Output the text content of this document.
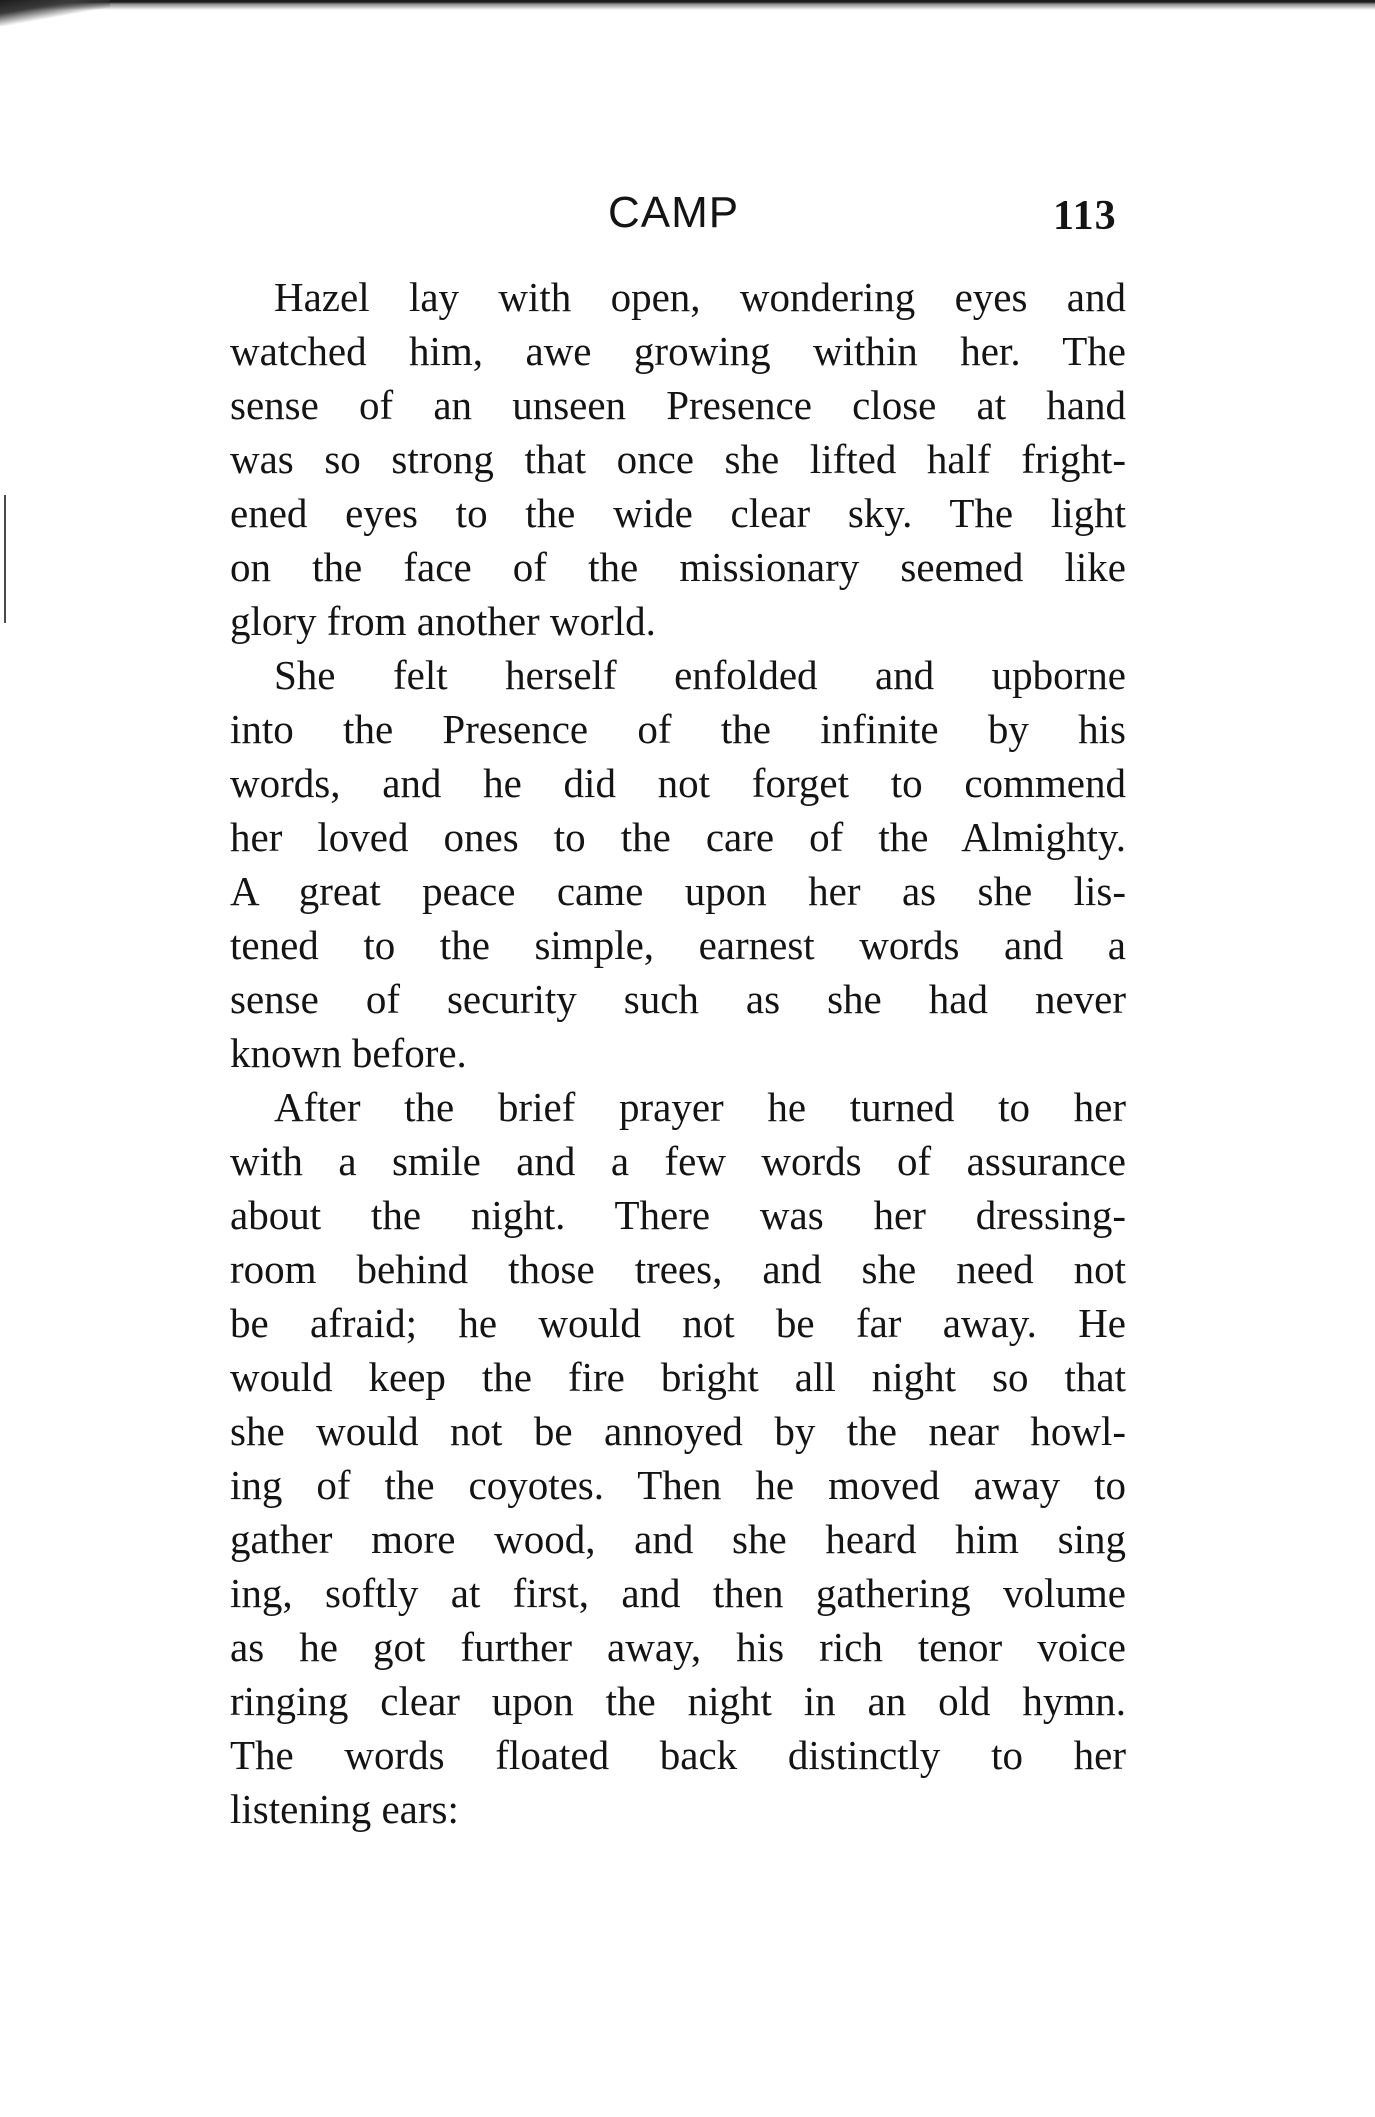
CAMP	113
Hazel lay with open, wondering eyes and
watched him, awe growing within her. The
sense of an unseen Presence close at hand
was so strong that once she lifted half fright-
ened eyes to the wide clear sky. The light
on the face of the missionary seemed like
glory from another world.
She felt herself enfolded and upborne
into the Presence of the infinite by his
words, and he did not forget to commend
her loved ones to the care of the Almighty.
A great peace came upon her as she lis-
tened to the simple, earnest words and a
sense of security such as she had never
known before.
After the brief prayer he turned to her
with a smile and a few words of assurance
about the night. There was her dressing-
room behind those trees, and she need not
be afraid; he would not be far away. He
would keep the fire bright all night so that
she would not be annoyed by the near howl-
ing of the coyotes. Then he moved away to
gather more wood, and she heard him sing
ing, softly at first, and then gathering volume
as he got further away, his rich tenor voice
ringing clear upon the night in an old hymn.
The words floated back distinctly to her
listening ears:
